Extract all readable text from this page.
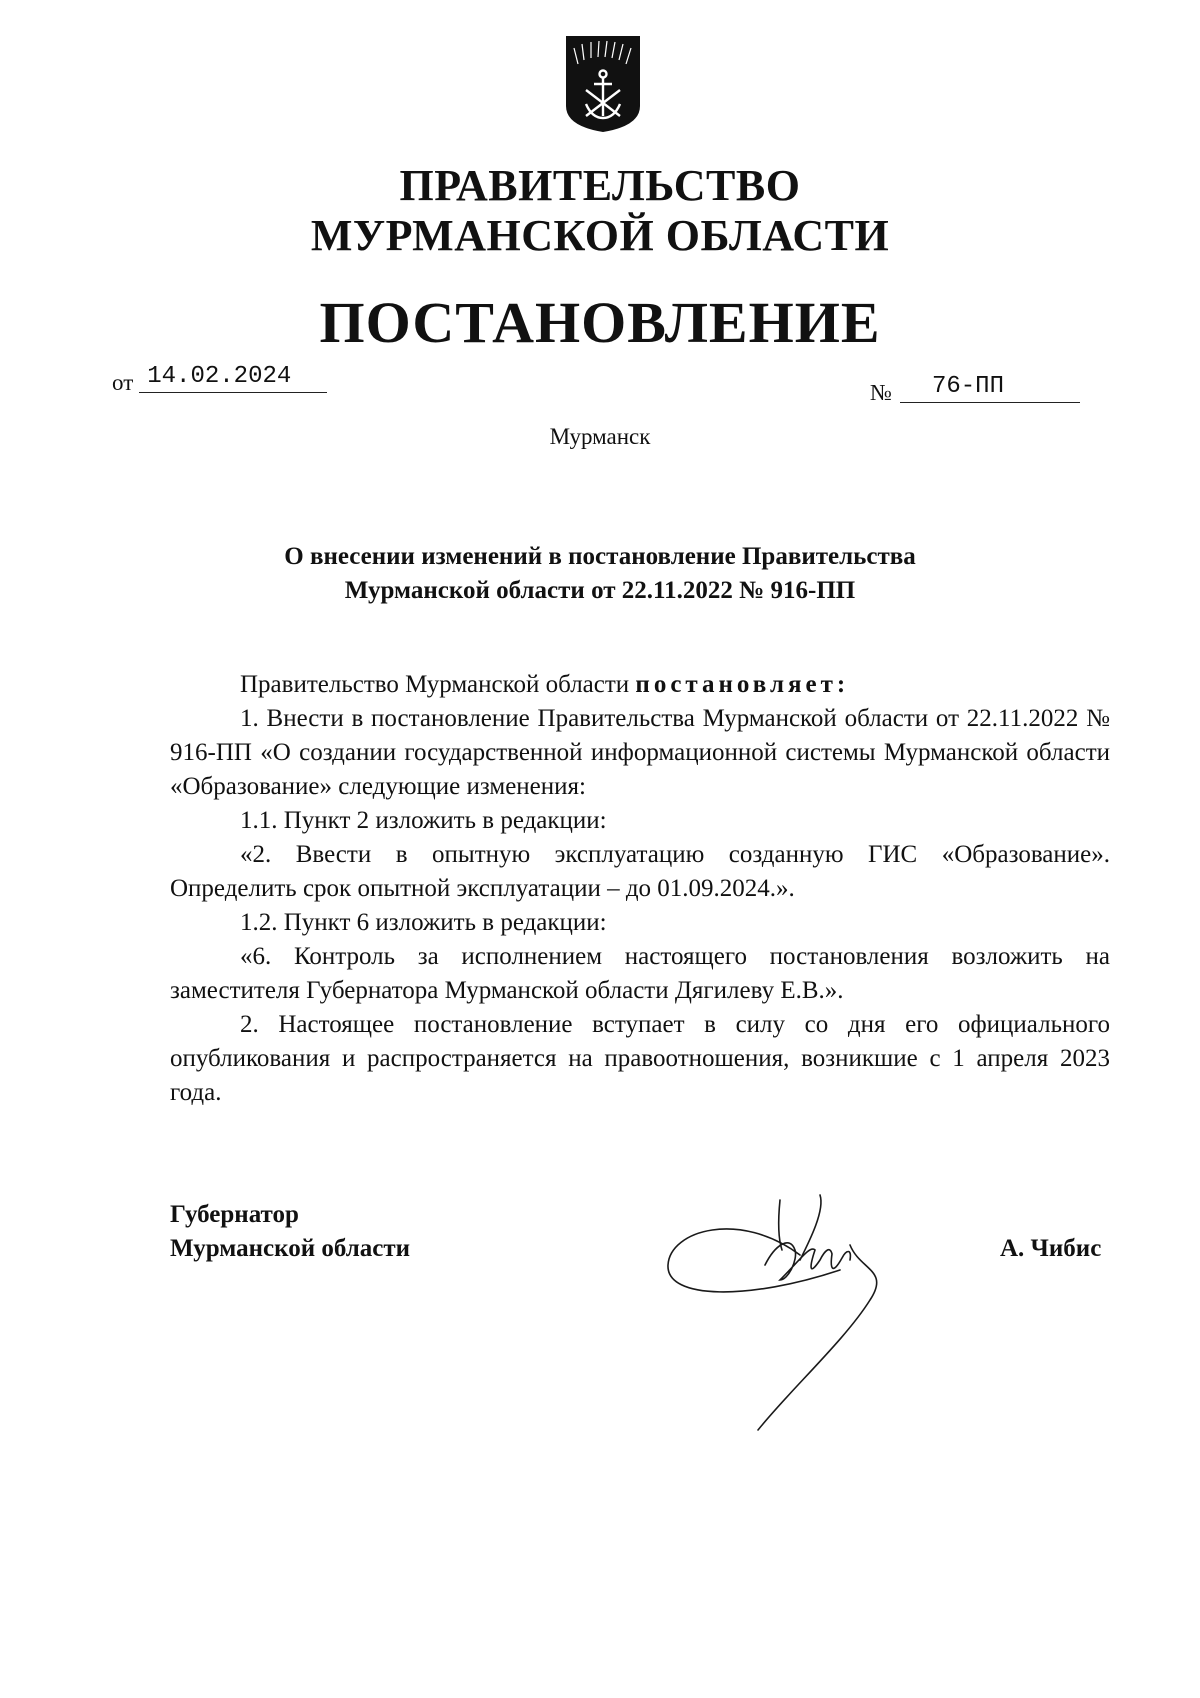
ПРАВИТЕЛЬСТВО
МУРМАНСКОЙ ОБЛАСТИ
ПОСТАНОВЛЕНИЕ
от 14.02.2024
№ 76-ПП
Мурманск
О внесении изменений в постановление Правительства
Мурманской области от 22.11.2022 № 916-ПП

Правительство Мурманской области постановляет:

1. Внести в постановление Правительства Мурманской области от 22.11.2022 № 916-ПП «О создании государственной информационной системы Мурманской области «Образование» следующие изменения:

1.1. Пункт 2 изложить в редакции:

«2. Ввести в опытную эксплуатацию созданную ГИС «Образование». Определить срок опытной эксплуатации – до 01.09.2024.».

1.2. Пункт 6 изложить в редакции:

«6. Контроль за исполнением настоящего постановления возложить на заместителя Губернатора Мурманской области Дягилеву Е.В.».

2. Настоящее постановление вступает в силу со дня его официального опубликования и распространяется на правоотношения, возникшие с 1 апреля 2023 года.

Губернатор
Мурманской области	А. Чибис
